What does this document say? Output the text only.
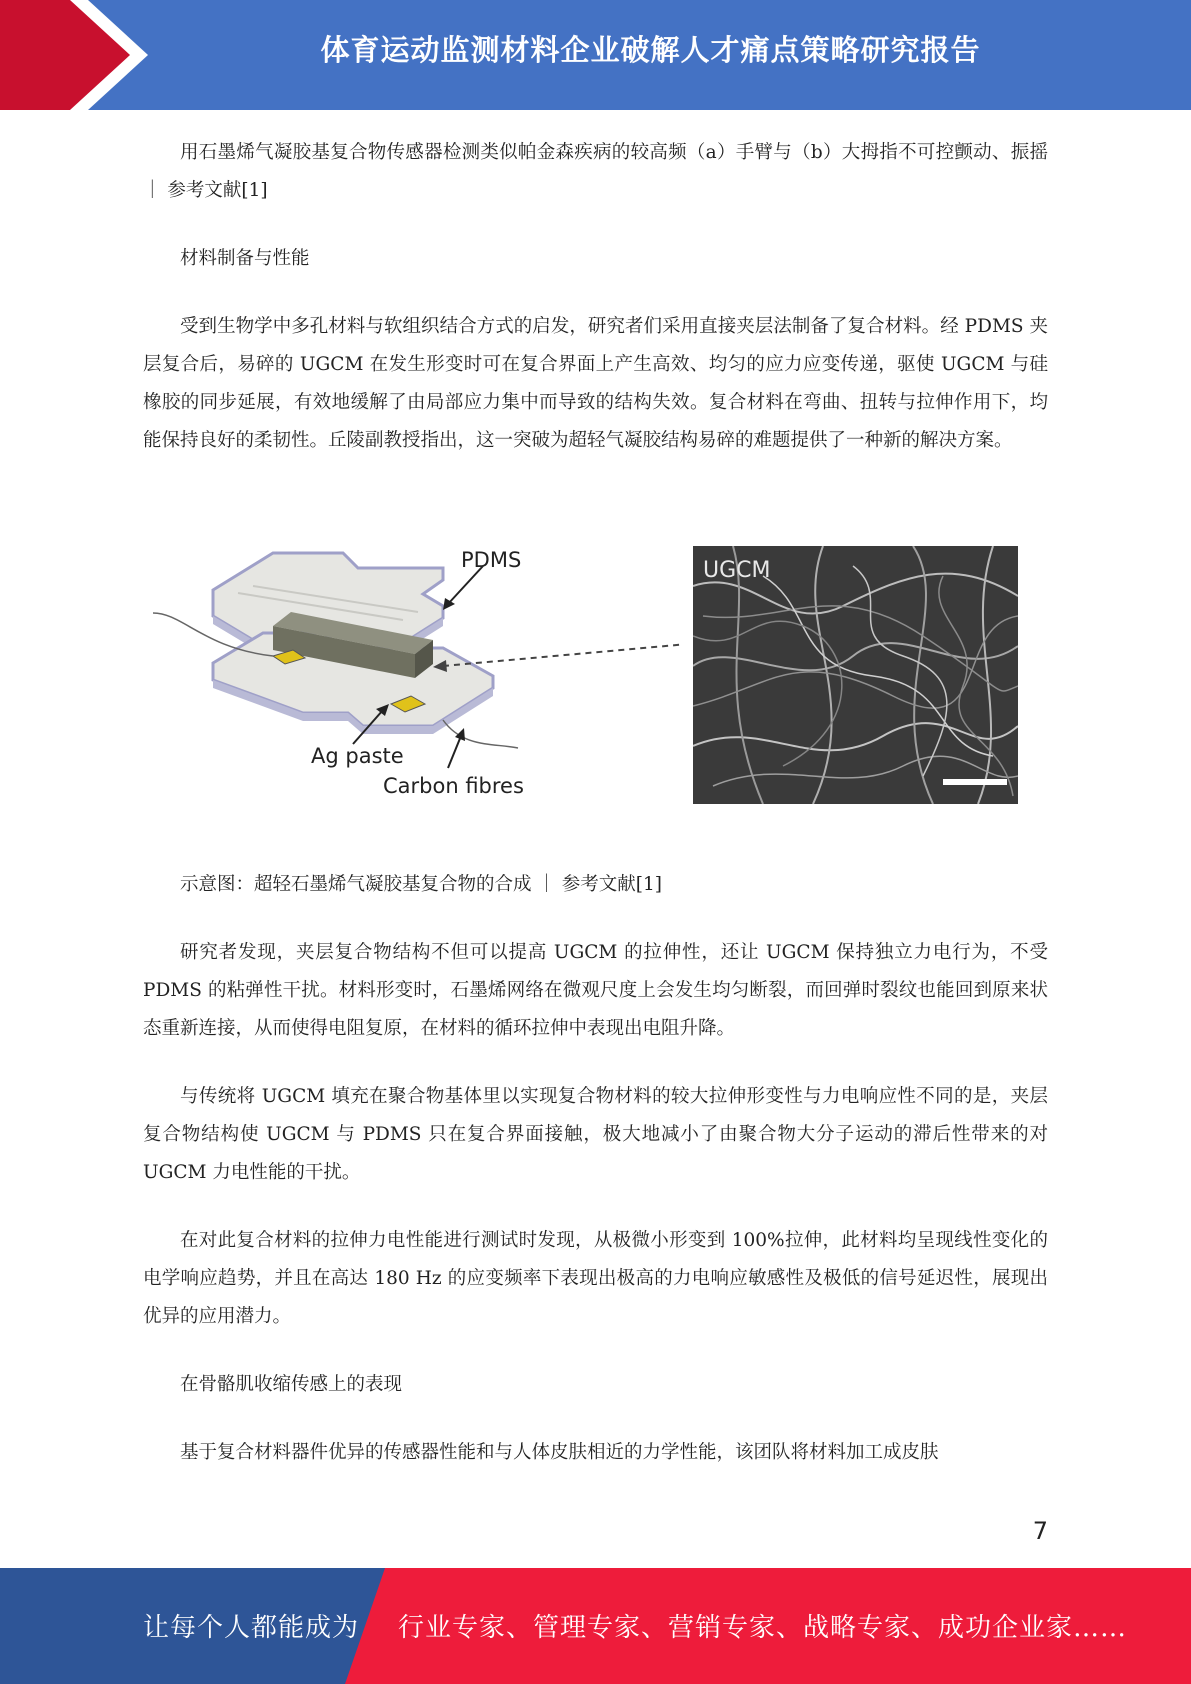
体育运动监测材料企业破解人才痛点策略研究报告

用石墨烯气凝胶基复合物传感器检测类似帕金森疾病的较高频（a）手臂与（b）大拇指不可控颤动、振摇 ｜ 参考文献[1]

材料制备与性能

受到生物学中多孔材料与软组织结合方式的启发，研究者们采用直接夹层法制备了复合材料。经 PDMS 夹层复合后，易碎的 UGCM 在发生形变时可在复合界面上产生高效、均匀的应力应变传递，驱使 UGCM 与硅橡胶的同步延展，有效地缓解了由局部应力集中而导致的结构失效。复合材料在弯曲、扭转与拉伸作用下，均能保持良好的柔韧性。丘陵副教授指出，这一突破为超轻气凝胶结构易碎的难题提供了一种新的解决方案。

PDMS
Ag paste
Carbon fibres
UGCM

示意图：超轻石墨烯气凝胶基复合物的合成 ｜ 参考文献[1]

研究者发现，夹层复合物结构不但可以提高 UGCM 的拉伸性，还让 UGCM 保持独立力电行为，不受 PDMS 的粘弹性干扰。材料形变时，石墨烯网络在微观尺度上会发生均匀断裂，而回弹时裂纹也能回到原来状态重新连接，从而使得电阻复原，在材料的循环拉伸中表现出电阻升降。

与传统将 UGCM 填充在聚合物基体里以实现复合物材料的较大拉伸形变性与力电响应性不同的是，夹层复合物结构使 UGCM 与 PDMS 只在复合界面接触，极大地减小了由聚合物大分子运动的滞后性带来的对 UGCM 力电性能的干扰。

在对此复合材料的拉伸力电性能进行测试时发现，从极微小形变到 100%拉伸，此材料均呈现线性变化的电学响应趋势，并且在高达 180 Hz 的应变频率下表现出极高的力电响应敏感性及极低的信号延迟性，展现出优异的应用潜力。

在骨骼肌收缩传感上的表现

基于复合材料器件优异的传感器性能和与人体皮肤相近的力学性能，该团队将材料加工成皮肤

7
让每个人都能成为 行业专家、管理专家、营销专家、战略专家、成功企业家……
